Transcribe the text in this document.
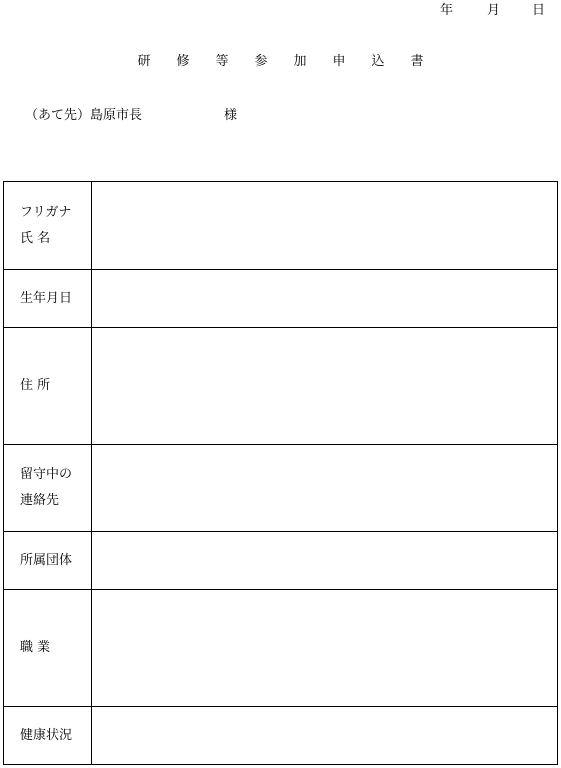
年	月 日
研 修 等 参 加 申 込 書
（あて先）島原市長	様
フリガナ
氏 名	

生年月日	

住 所	

留守中の
連絡先	

所属団体	

職 業	

健康状況	
